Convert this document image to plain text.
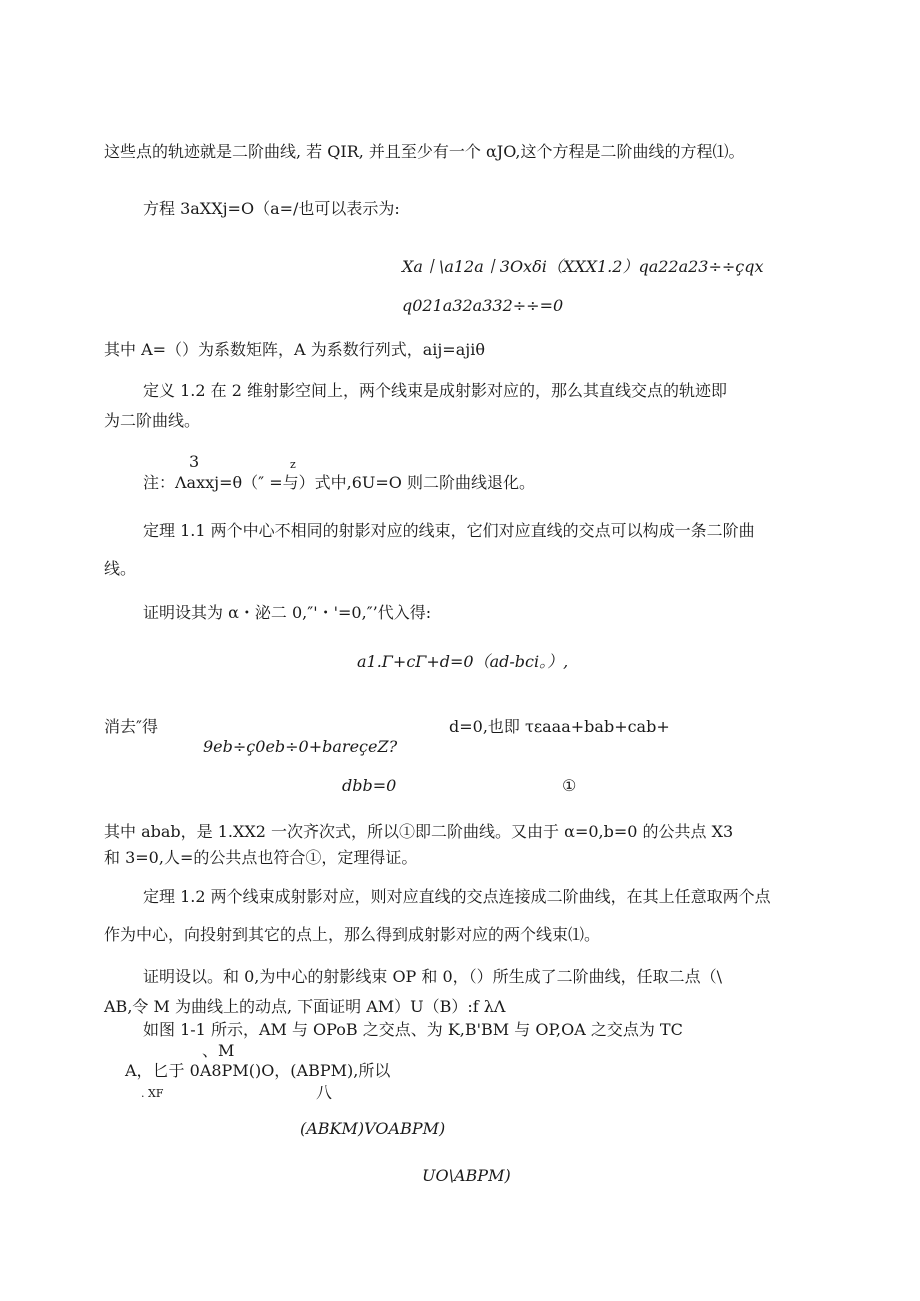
这些点的轨迹就是二阶曲线, 若 QIR, 并且至少有一个 αJO,这个方程是二阶曲线的方程⑴。
方程 3aXXj=O（a=/也可以表示为:
Xa丨\a12a丨3Oxδi（XXX1.2）qa22a23÷÷çqx
q021a32a332÷÷=0
其中 A=（）为系数矩阵，A 为系数行列式，aij=ajiθ
定义 1.2 在 2 维射影空间上，两个线束是成射影对应的，那么其直线交点的轨迹即
为二阶曲线。
3	z
注：Λaxxj=θ（″ =与）式中,6U=O 则二阶曲线退化。
定理 1.1 两个中心不相同的射影对应的线束，它们对应直线的交点可以构成一条二阶曲
线。
证明设其为 α・泌二 0,″'・'=0,″’代入得:
a1.Γ+cΓ+d=0（ad-bci。）,
消去″得	d=0,也即 τεaaa+bab+cab+
9eb÷ç0eb÷0+bareçeZ?
dbb=0	①
其中 abab，是 1.XX2 一次齐次式，所以①即二阶曲线。又由于 α=0,b=0 的公共点 X3
和 3=0,人=的公共点也符合①，定理得证。
定理 1.2 两个线束成射影对应，则对应直线的交点连接成二阶曲线，在其上任意取两个点
作为中心，向投射到其它的点上，那么得到成射影对应的两个线束⑴。
证明设以。和 0,为中心的射影线束 OP 和 0，（）所生成了二阶曲线，任取二点（\
AB,令 M 为曲线上的动点, 下面证明 AM）U（B）:f λΛ
如图 1-1 所示，AM 与 OPoB 之交点、为 K,B'BM 与 OP,OA 之交点为 TC
、M
A，匕于 0A8PM()O，(ABPM),所以
. XF	八
(ABKM)VOABPM)
UO\ABPM)
